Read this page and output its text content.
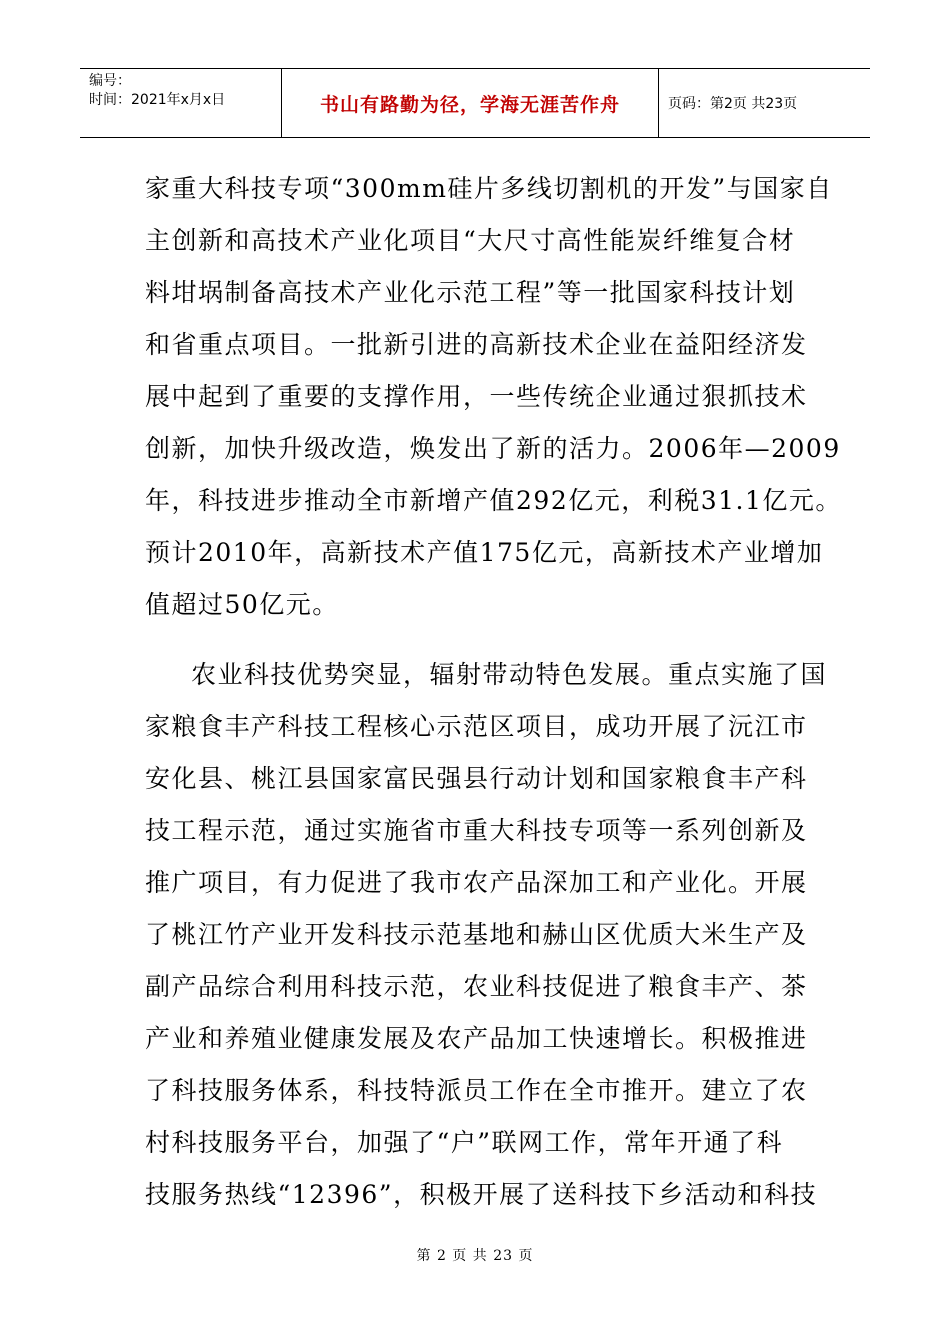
编号：
时间：2021年x月x日	书山有路勤为径，学海无涯苦作舟	页码：第2页 共23页
家重大科技专项“300mm硅片多线切割机的开发”与国家自
主创新和高技术产业化项目“大尺寸高性能炭纤维复合材
料坩埚制备高技术产业化示范工程”等一批国家科技计划
和省重点项目。一批新引进的高新技术企业在益阳经济发
展中起到了重要的支撑作用，一些传统企业通过狠抓技术
创新，加快升级改造，焕发出了新的活力。2006年—2009
年，科技进步推动全市新增产值292亿元，利税31.1亿元。
预计2010年，高新技术产值175亿元，高新技术产业增加
值超过50亿元。
农业科技优势突显，辐射带动特色发展。重点实施了国
家粮食丰产科技工程核心示范区项目，成功开展了沅江市
安化县、桃江县国家富民强县行动计划和国家粮食丰产科
技工程示范，通过实施省市重大科技专项等一系列创新及
推广项目，有力促进了我市农产品深加工和产业化。开展
了桃江竹产业开发科技示范基地和赫山区优质大米生产及
副产品综合利用科技示范，农业科技促进了粮食丰产、茶
产业和养殖业健康发展及农产品加工快速增长。积极推进
了科技服务体系，科技特派员工作在全市推开。建立了农
村科技服务平台，加强了“户”联网工作，常年开通了科
技服务热线“12396”，积极开展了送科技下乡活动和科技
第 2 页 共 23 页
